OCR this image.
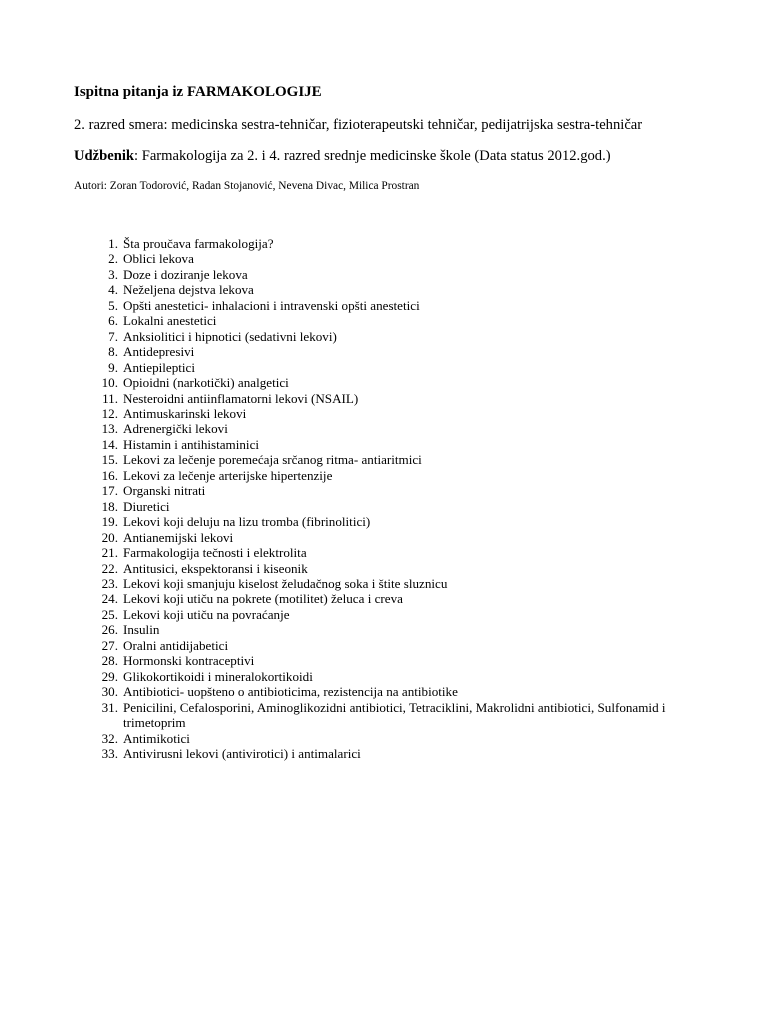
Ispitna pitanja iz FARMAKOLOGIJE
2. razred smera: medicinska sestra-tehničar, fizioterapeutski tehničar, pedijatrijska sestra-tehničar
Udžbenik: Farmakologija za 2. i 4. razred srednje medicinske škole (Data status 2012.god.)
Autori: Zoran Todorović, Radan Stojanović, Nevena Divac, Milica Prostran
1. Šta proučava farmakologija?
2. Oblici lekova
3. Doze i doziranje lekova
4. Neželjena dejstva lekova
5. Opšti anestetici- inhalacioni i intravenski opšti anestetici
6. Lokalni anestetici
7. Anksiolitici i hipnotici (sedativni lekovi)
8. Antidepresivi
9. Antiepileptici
10. Opioidni (narkotički) analgetici
11. Nesteroidni antiinflamatorni lekovi (NSAIL)
12. Antimuskarinski lekovi
13. Adrenergički lekovi
14. Histamin i antihistaminici
15. Lekovi za lečenje poremećaja srčanog ritma- antiaritmici
16. Lekovi za lečenje arterijske hipertenzije
17. Organski nitrati
18. Diuretici
19. Lekovi koji deluju na lizu tromba (fibrinolitici)
20. Antianemijski lekovi
21. Farmakologija tečnosti i elektrolita
22. Antitusici, ekspektoransi i kiseonik
23. Lekovi koji smanjuju kiselost želudačnog soka i štite sluznicu
24. Lekovi koji utiču na pokrete (motilitet) želuca i creva
25. Lekovi koji utiču na povraćanje
26. Insulin
27. Oralni antidijabetici
28. Hormonski kontraceptivi
29. Glikokortikoidi i mineralokortikoidi
30. Antibiotici- uopšteno o antibioticima, rezistencija na antibiotike
31. Penicilini, Cefalosporini, Aminoglikozidni antibiotici, Tetraciklini, Makrolidni antibiotici, Sulfonamid i trimetoprim
32. Antimikotici
33. Antivirusni lekovi (antivirotici) i antimalarici
